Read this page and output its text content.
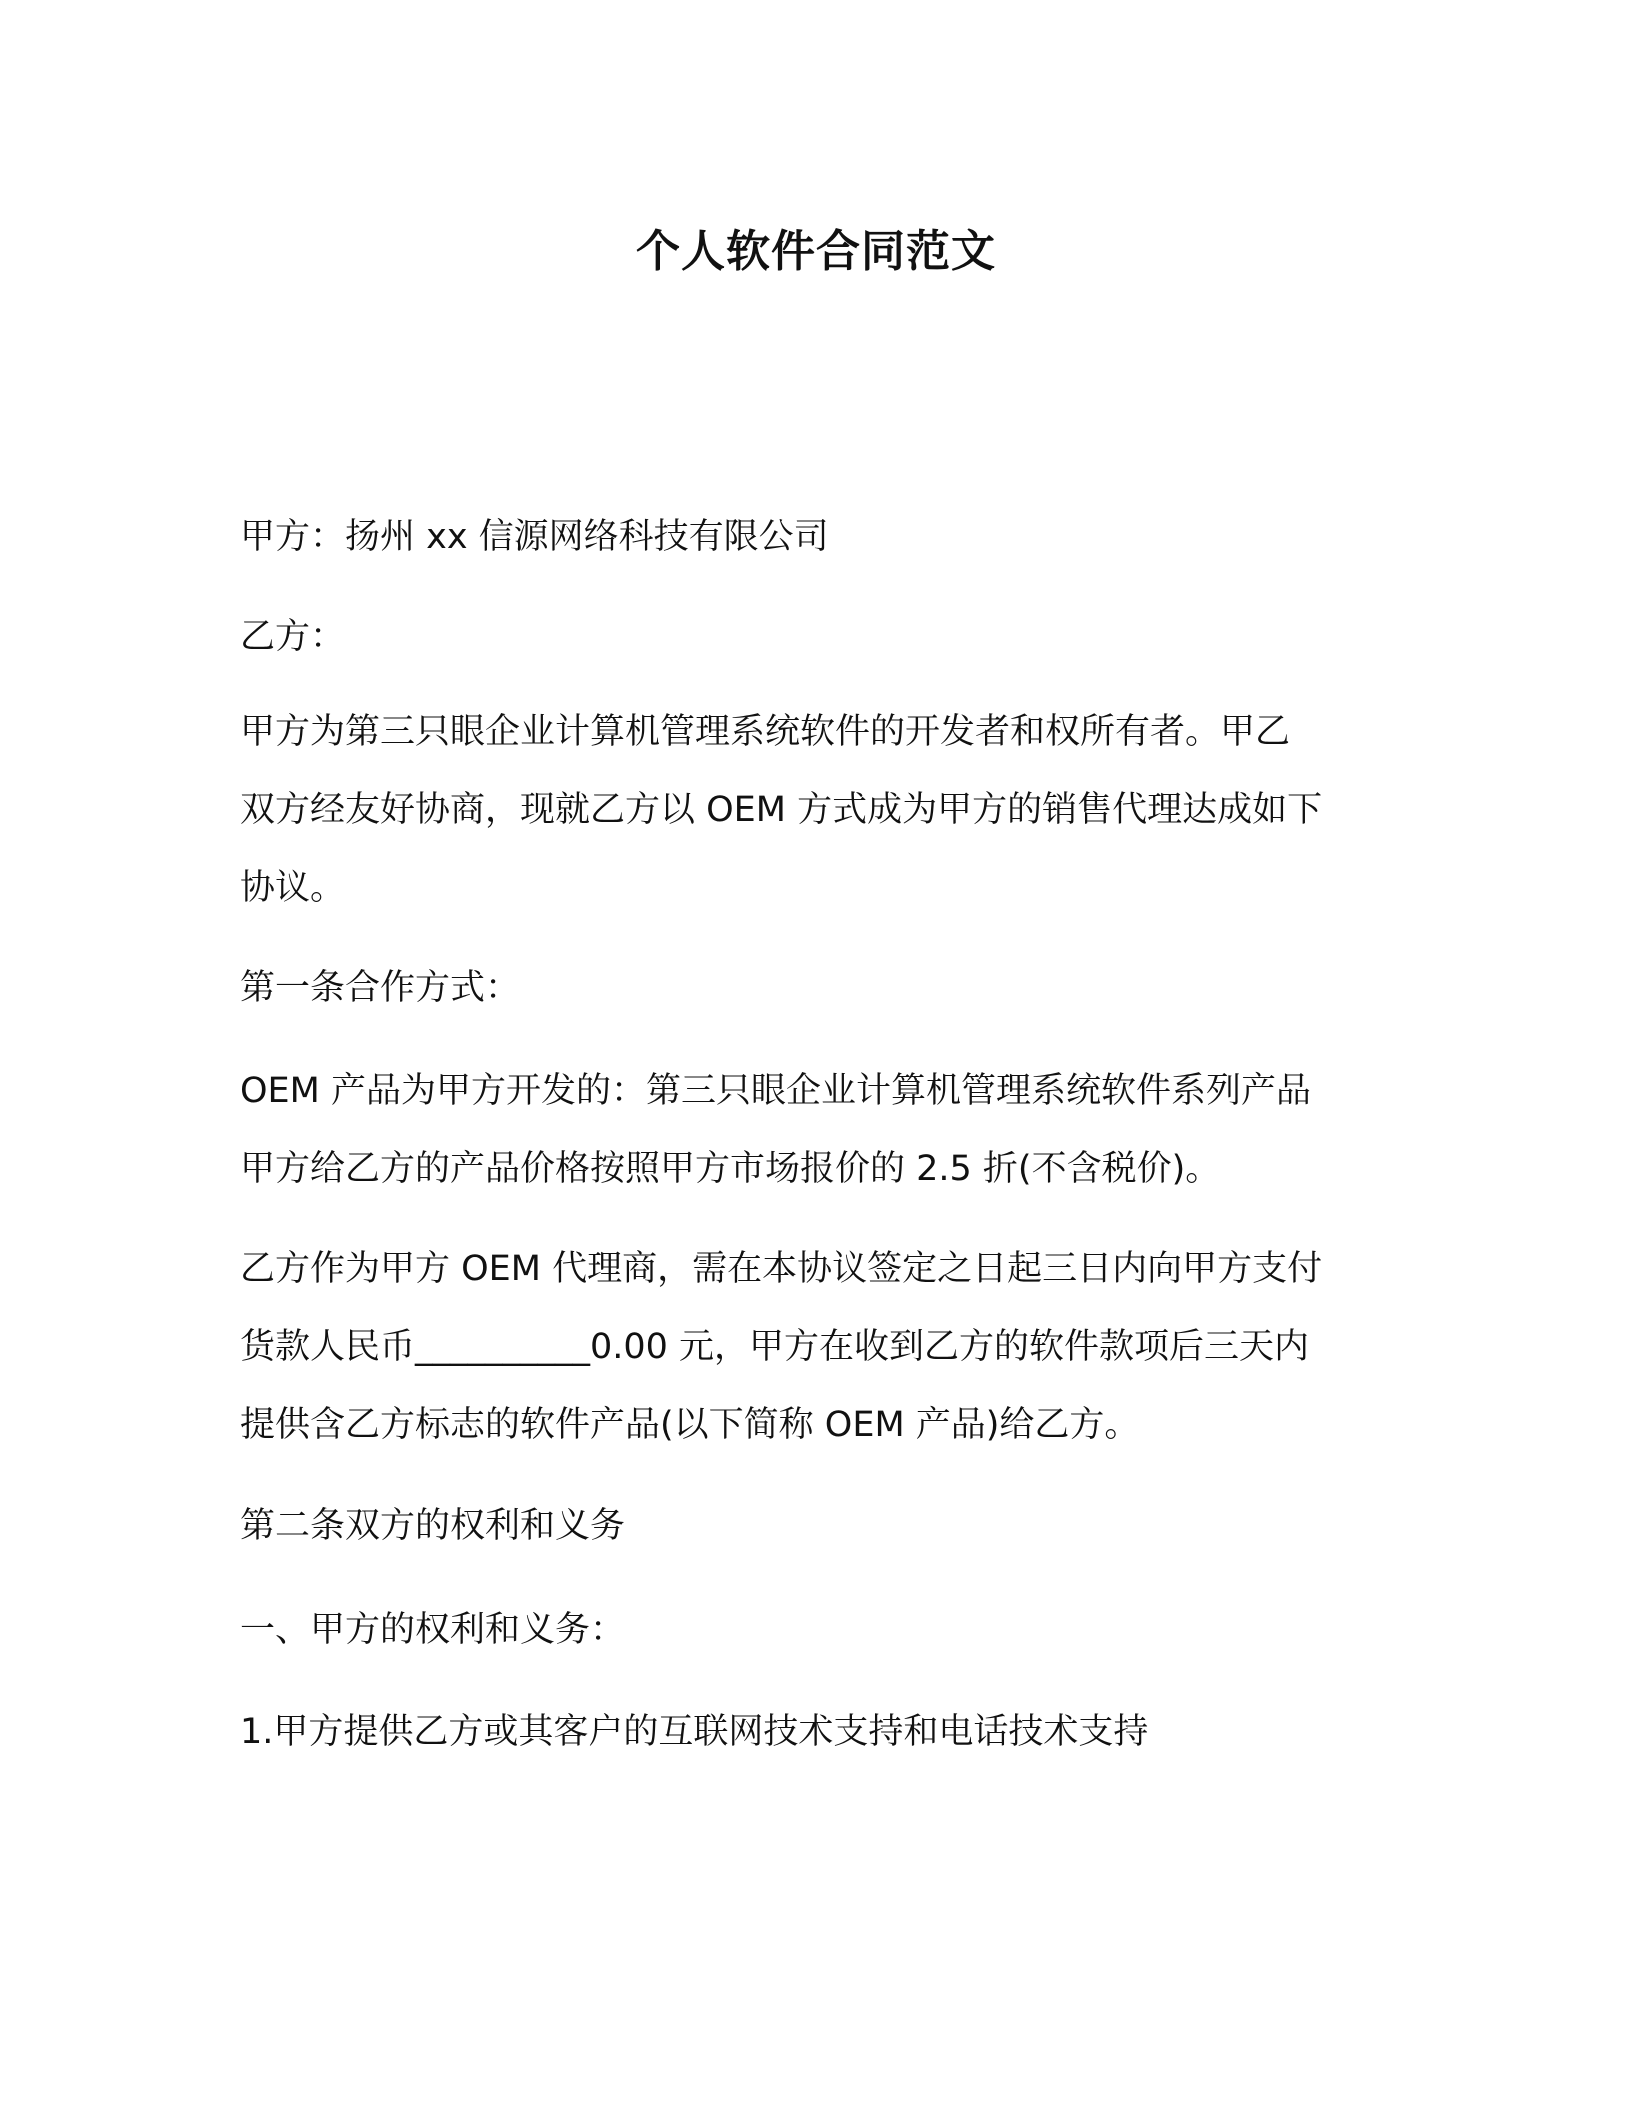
个人软件合同范文

甲方：扬州 xx 信源网络科技有限公司

乙方：

甲方为第三只眼企业计算机管理系统软件的开发者和权所有者。甲乙
双方经友好协商，现就乙方以 OEM 方式成为甲方的销售代理达成如下
协议。

第一条合作方式：

OEM 产品为甲方开发的：第三只眼企业计算机管理系统软件系列产品
甲方给乙方的产品价格按照甲方市场报价的 2.5 折(不含税价)。

乙方作为甲方 OEM 代理商，需在本协议签定之日起三日内向甲方支付
货款人民币__________0.00 元，甲方在收到乙方的软件款项后三天内
提供含乙方标志的软件产品(以下简称 OEM 产品)给乙方。

第二条双方的权利和义务

一、甲方的权利和义务：

1.甲方提供乙方或其客户的互联网技术支持和电话技术支持
